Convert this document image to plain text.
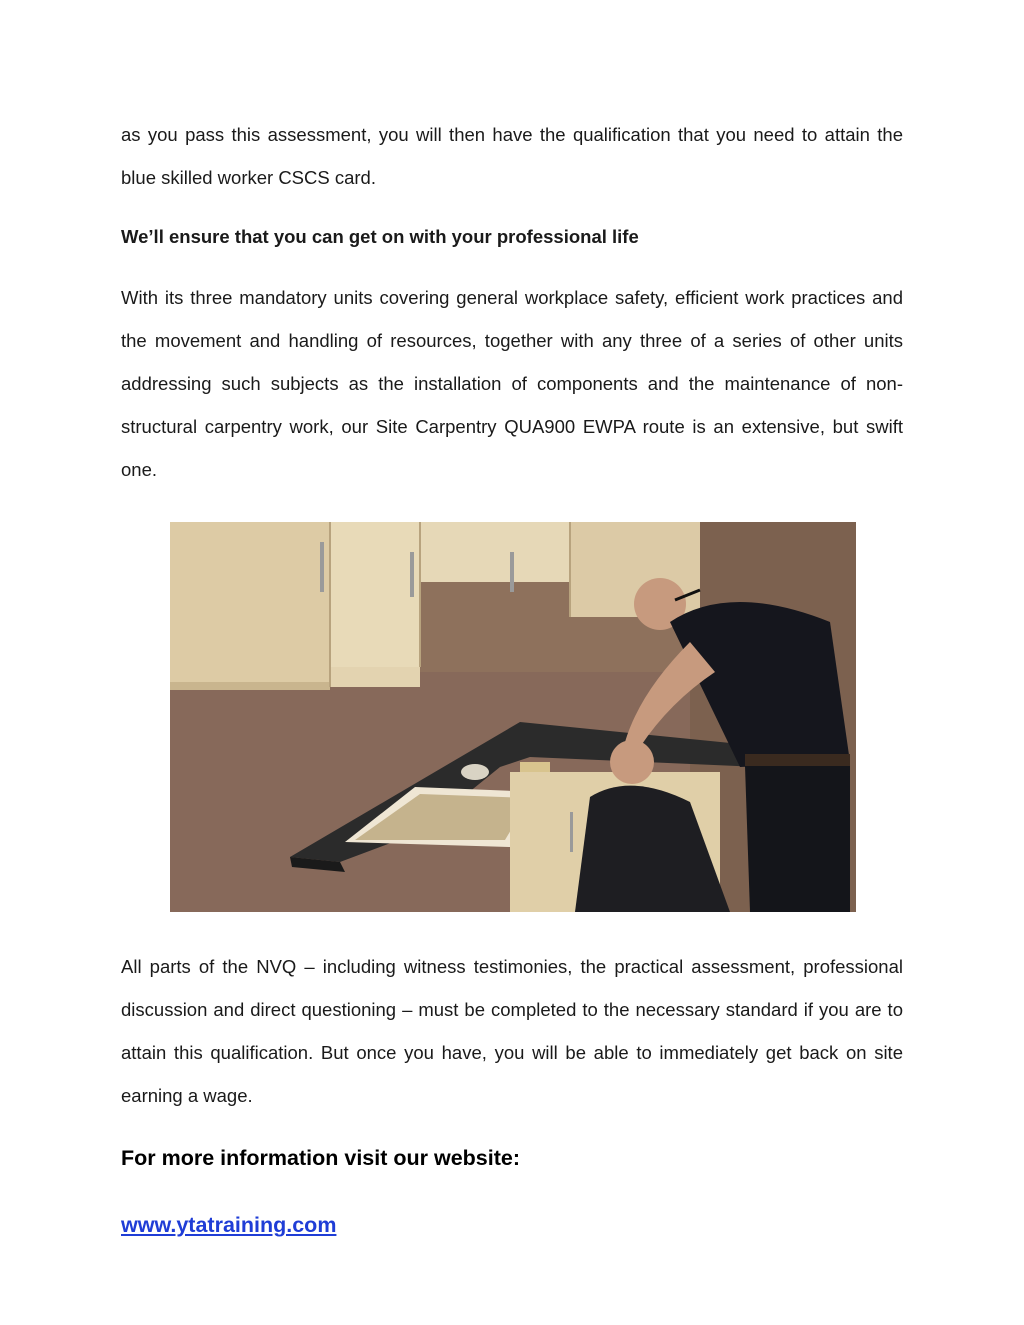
as you pass this assessment, you will then have the qualification that you need to attain the blue skilled worker CSCS card.

We’ll ensure that you can get on with your professional life

With its three mandatory units covering general workplace safety, efficient work practices and the movement and handling of resources, together with any three of a series of other units addressing such subjects as the installation of components and the maintenance of non-structural carpentry work, our Site Carpentry QUA900 EWPA route is an extensive, but swift one.

All parts of the NVQ – including witness testimonies, the practical assessment, professional discussion and direct questioning – must be completed to the necessary standard if you are to attain this qualification. But once you have, you will be able to immediately get back on site earning a wage.

For more information visit our website:
www.ytatraining.com
